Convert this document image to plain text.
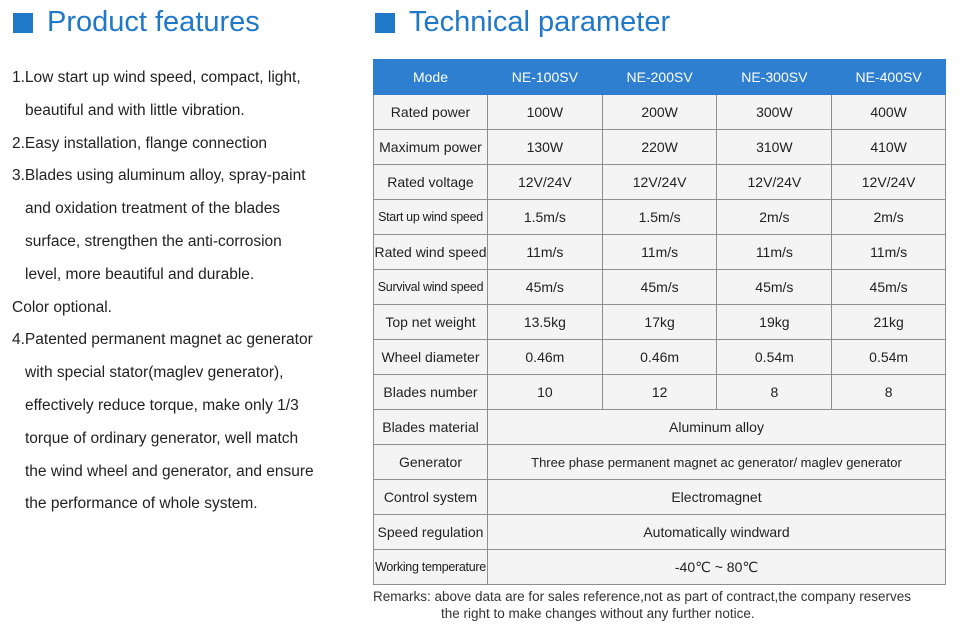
Product features	Technical parameter
1.Low start up wind speed, compact, light,
beautiful and with little vibration.
2.Easy installation, flange connection
3.Blades using aluminum alloy, spray-paint
and oxidation treatment of the blades
surface, strengthen the anti-corrosion
level, more beautiful and durable.
Color optional.
4.Patented permanent magnet ac generator
with special stator(maglev generator),
effectively reduce torque, make only 1/3
torque of ordinary generator, well match
the wind wheel and generator, and ensure
the performance of whole system.
Mode	NE-100SV	NE-200SV	NE-300SV	NE-400SV
Rated power	100W	200W	300W	400W
Maximum power	130W	220W	310W	410W
Rated voltage	12V/24V	12V/24V	12V/24V	12V/24V
Start up wind speed	1.5m/s	1.5m/s	2m/s	2m/s
Rated wind speed	11m/s	11m/s	11m/s	11m/s
Survival wind speed	45m/s	45m/s	45m/s	45m/s
Top net weight	13.5kg	17kg	19kg	21kg
Wheel diameter	0.46m	0.46m	0.54m	0.54m
Blades number	10	12	8	8
Blades material	Aluminum alloy			
Generator	Three phase permanent magnet ac generator/ maglev generator			
Control system	Electromagnet			
Speed regulation	Automatically windward			
Working temperature	-40℃ ~ 80℃			
Remarks: above data are for sales reference,not as part of contract,the company reserves
the right to make changes without any further notice.
